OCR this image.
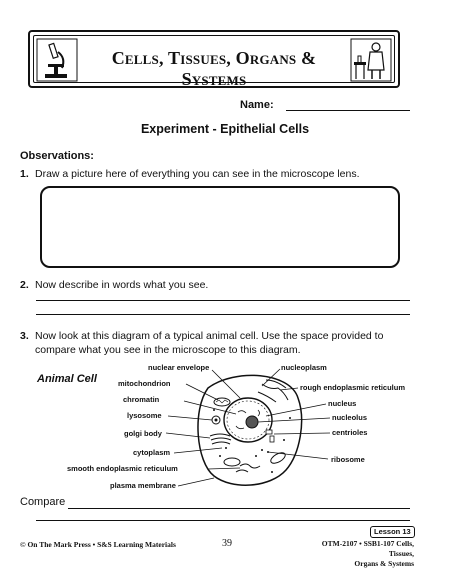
Cells, Tissues, Organs & Systems
Name:
Experiment - Epithelial Cells
Observations:
1. Draw a picture here of everything you can see in the microscope lens.
2. Now describe in words what you see.
3. Now look at this diagram of a typical animal cell. Use the space provided to compare what you see in the microscope to this diagram.
Animal Cell
nuclear envelope
mitochondrion
chromatin
lysosome
golgi body
cytoplasm
smooth endoplasmic reticulum
plasma membrane
nucleoplasm
rough endoplasmic reticulum
nucleus
nucleolus
centrioles
ribosome
Compare
© On The Mark Press • S&S Learning Materials	39
Lesson 13
OTM-2107 • SSB1-107 Cells, Tissues,
Organs & Systems
